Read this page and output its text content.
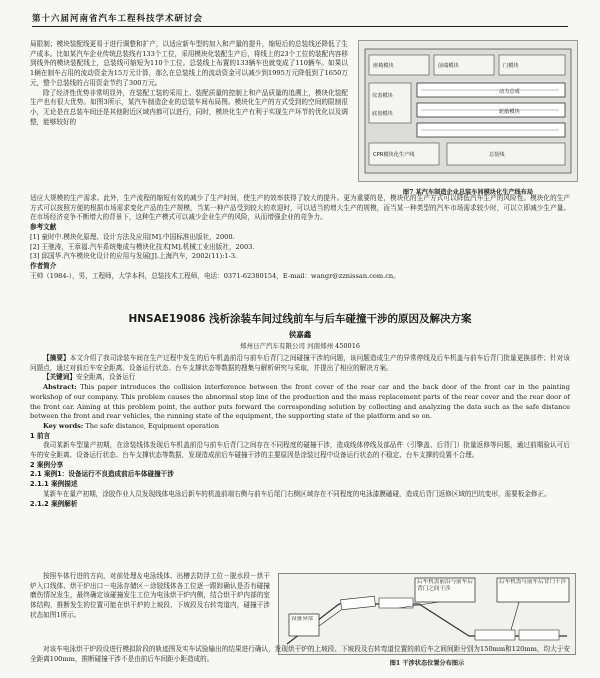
第十六届河南省汽车工程科技学术研讨会

局限制；模块装配线更易于进行调整和扩产，以适应新车型的加入和产量的提升，缩短后的总装线还降低了生产成本。比如某汽车企业传统总装线有133个工位，采用模块化装配生产后，将线上的23个工位的装配内容移到线外的模块装配线上，总装线可缩短为110个工位。总装线上布置的133辆车也就变成了110辆车。如果以1辆在制车占用的流动资金为15万元计算，那么在总装线上的流动资金可以减少到1995万元降低到了1650万元，整个总装线的占用资金节约了300万元。

除了经济性优势非常明显外，在装配工装的采用上、装配质量的控制上和产品质量的追溯上，模块化装配生产也有很大优势。如图3所示，某汽车制造企业的总装车间布局图。模块化生产的方式受到的空间的限制很小，无论是在总装车间还是其他附近区域内都可以进行，同时，模块化生产有利于实现生产环节的优化以及调整，能够较好的

座椅模块	前端模块	门模块
仪表模块
底盘模块
动力总成
轮胎模块
CPR模块化生产线	总装线
图7 某汽车制造企业总装车间模块化生产线布局

适应大规模的生产需求。此外，生产流程的缩短有效的减少了生产时间，使生产的效率获得了较大的提升。更为重要的是，模块化的生产方式可以降低汽车生产的风险性。模块化的生产方式可以按照方便的根据市场需求变化产品的生产规模，当某一种产品受到较大的欢迎时，可以适当的增大生产的规模，而当某一种类型的汽车市场需求较少时，可以立即减少生产量。在市场经济竞争不断增大的背景下，这种生产模式可以减少企业生产的风险，从而增强企业的竞争力。

参考文献

[1] 童时中.模块化原理、设计方法及应用[M].中国标准出版社，2000.

[2] 王驰涛，王章福.汽车系统集成与模块化技术[M].机械工业出版社，2003.

[3] 邱国华.汽车模块化设计的应用与发展[J].上海汽车，2002(11):1-3.

作者简介

王帅（1984-），男，工程师，大学本科，总装技术工程师，电话：0371-62380154，E-mail：wangr@zznissan.com.cn。

HNSAE19086 浅析涂装车间过线前车与后车碰撞干涉的原因及解决方案
侯嘉鑫
郑州日产汽车有限公司 河南郑州 450016

【摘要】本文介绍了我司涂装车间在生产过程中发生的后车机盖前沿与前车后背门之间碰撞干涉的问题，该问题造成生产的异常停线及后车机盖与前车后背门批量更换部件；针对该问题点，通过对前后车安全距离、设备运行状态、台车支撑状态等数据的搜集与解析研究与采取，并提出了相应的解决方案。

【关键词】安全距离，设备运行

Abstract: This paper introduces the collision interference between the front cover of the rear car and the back door of the front car in the painting workshop of our company. This problem causes the abnormal stop line of the production and the mass replacement parts of the rear cover and the rear door of the front car. Aiming at this problem point, the author puts forward the corresponding solution by collecting and analyzing the data such as the safe distance between the front and rear vehicles, the running state of the equipment, the supporting state of the platform and so on.

Key words: The safe distance, Equipment operation

1 前言

我司某新车型量产初期，在涂装线体发现后车机盖前沿与前车后背门之间存在不同程度的碰撞干涉，造成线体停线及部品件（引擎盖、后背门）批量返修等问题，通过前期验认可后车的安全距离、设备运行状态、台车支撑状态等数据，发现造成前后车碰撞干涉的主要原因是涂装过程中设备运行状态的不稳定、台车支撑的设置不合理。

2 案例分享

2.1 案例1：设备运行不良造成前后车体碰撞干涉

2.1.1 案例描述

某新车在量产初期，涂胶作业人员发现线体电泳后新车的机盖前端右侧与前车后尾门右侧区域存在不同程度的电泳漆膜磕碰，造成后背门返修区域的凹坑变形，需要板金修正。

2.1.2 案例解析

按照车体行进的方向，对前处理＆电泳线体、出槽去防浮工位－脱水段－烘干炉入口线体、烘干炉出口－电泳存储区－涂胶线体各工位逐一跟踪确认是否有碰撞磨伤情况发生，最终确定该碰撞发生工位为电泳烘干炉内侧，结合烘干炉内部的室体结构，推断发生的位置可能在烘干炉的上坡段、下坡段及右转弯道内，碰撞干涉状态如图1所示。

后车机盖前沿与前车后背门之间干涉
后车机盖与前车后背门干涉
设备异常
图1 干涉状态位置分布图示

对该车电泳烘干炉段设进行模拟阶段的轨迹图及实车试验输出的结果进行确认，发现烘干炉的上坡段、下坡段及右转弯道位置的前后车之间间距分别为150mm和120mm，均大于安全距离100mm，推断碰撞干涉不是由前后车间距小距造成的。
